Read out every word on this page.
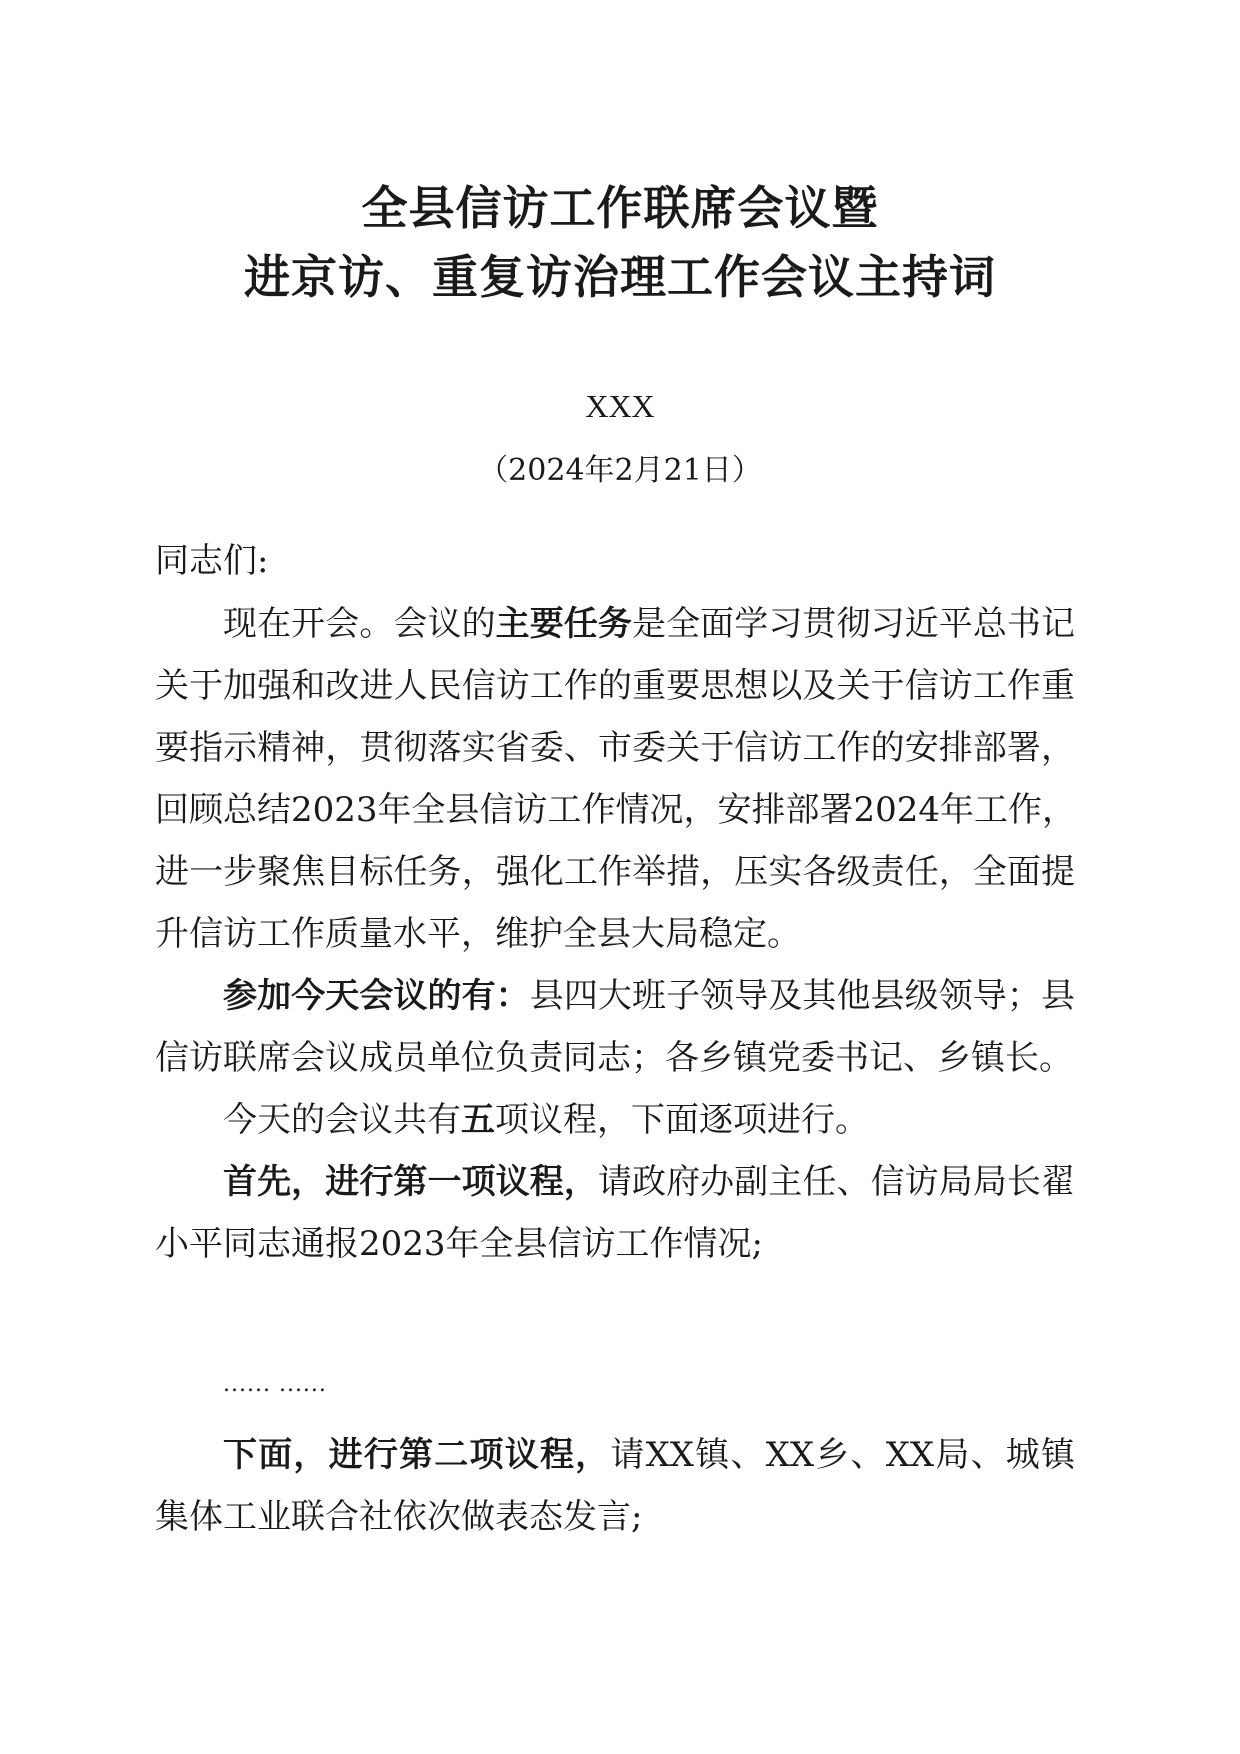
全县信访工作联席会议暨
进京访、重复访治理工作会议主持词
XXX
（2024年2月21日）
同志们:
现在开会。会议的主要任务是全面学习贯彻习近平总书记
关于加强和改进人民信访工作的重要思想以及关于信访工作重
要指示精神，贯彻落实省委、市委关于信访工作的安排部署，
回顾总结2023年全县信访工作情况，安排部署2024年工作，
进一步聚焦目标任务，强化工作举措，压实各级责任，全面提
升信访工作质量水平，维护全县大局稳定。
参加今天会议的有：县四大班子领导及其他县级领导；县
信访联席会议成员单位负责同志；各乡镇党委书记、乡镇长。
今天的会议共有五项议程，下面逐项进行。
首先，进行第一项议程，请政府办副主任、信访局局长翟
小平同志通报2023年全县信访工作情况;
...... ......
下面，进行第二项议程，请XX镇、XX乡、XX局、城镇
集体工业联合社依次做表态发言;
